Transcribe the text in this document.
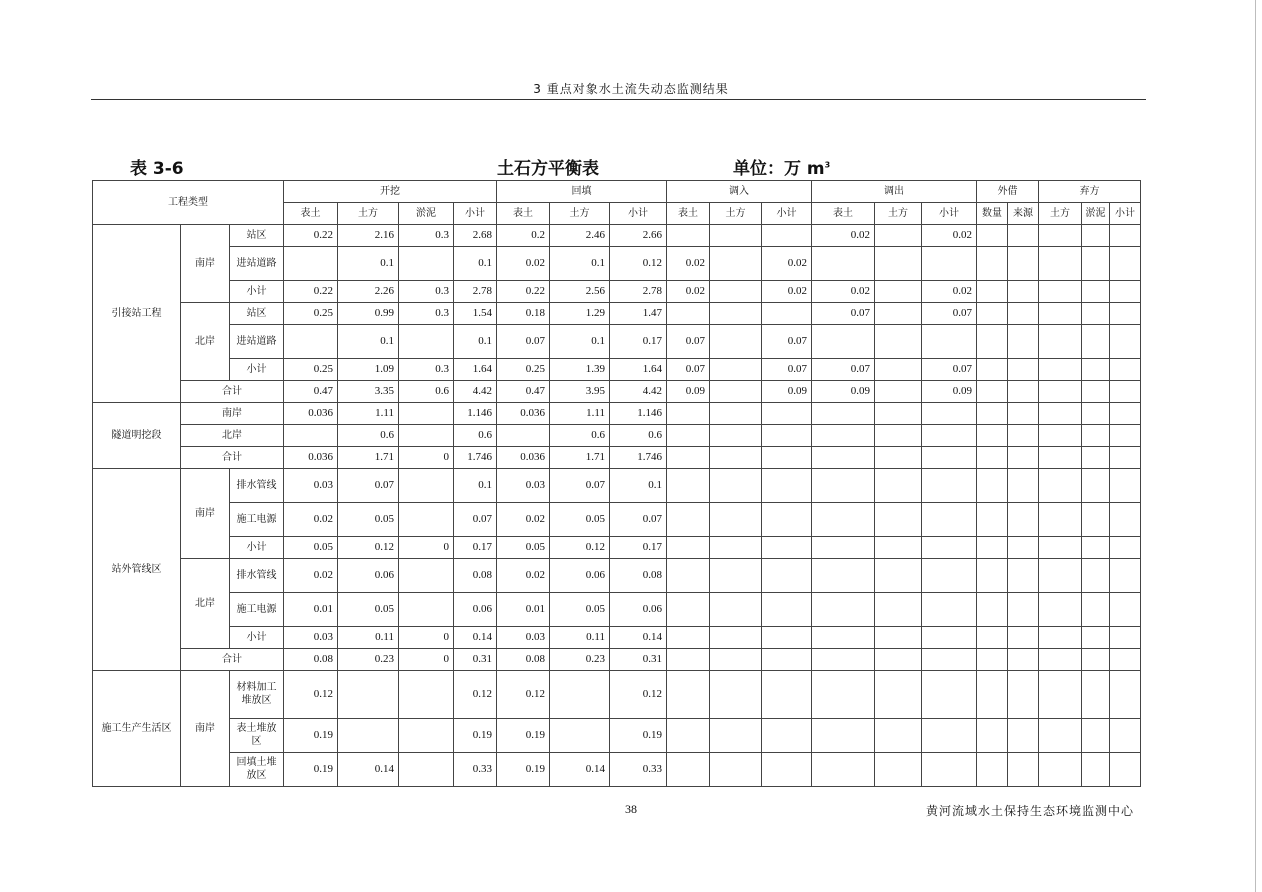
3 重点对象水土流失动态监测结果
表 3-6	土石方平衡表	单位：万 $m^3$
工程类型			开挖				回填			调入			调出			外借		弃方		
			表土	土方	淤泥	小计	表土	土方	小计	表土	土方	小计	表土	土方	小计	数量	来源	土方	淤泥	小计
引接站工程	南岸	站区	0.22	2.16	0.3	2.68	0.2	2.46	2.66				0.02		0.02					
		进站道路		0.1		0.1	0.02	0.1	0.12	0.02		0.02								
		小计	0.22	2.26	0.3	2.78	0.22	2.56	2.78	0.02		0.02	0.02		0.02					
	北岸	站区	0.25	0.99	0.3	1.54	0.18	1.29	1.47				0.07		0.07					
		进站道路		0.1		0.1	0.07	0.1	0.17	0.07		0.07								
		小计	0.25	1.09	0.3	1.64	0.25	1.39	1.64	0.07		0.07	0.07		0.07					
	合计		0.47	3.35	0.6	4.42	0.47	3.95	4.42	0.09		0.09	0.09		0.09					
隧道明挖段	南岸		0.036	1.11		1.146	0.036	1.11	1.146											
	北岸			0.6		0.6		0.6	0.6											
	合计		0.036	1.71	0	1.746	0.036	1.71	1.746											
站外管线区	南岸	排水管线	0.03	0.07		0.1	0.03	0.07	0.1											
		施工电源	0.02	0.05		0.07	0.02	0.05	0.07											
		小计	0.05	0.12	0	0.17	0.05	0.12	0.17											
	北岸	排水管线	0.02	0.06		0.08	0.02	0.06	0.08											
		施工电源	0.01	0.05		0.06	0.01	0.05	0.06											
		小计	0.03	0.11	0	0.14	0.03	0.11	0.14											
	合计		0.08	0.23	0	0.31	0.08	0.23	0.31											
施工生产生活区	南岸	材料加工堆放区	0.12			0.12	0.12		0.12											
		表土堆放区	0.19			0.19	0.19		0.19											
		回填土堆放区	0.19	0.14		0.33	0.19	0.14	0.33											
38	黄河流域水土保持生态环境监测中心
